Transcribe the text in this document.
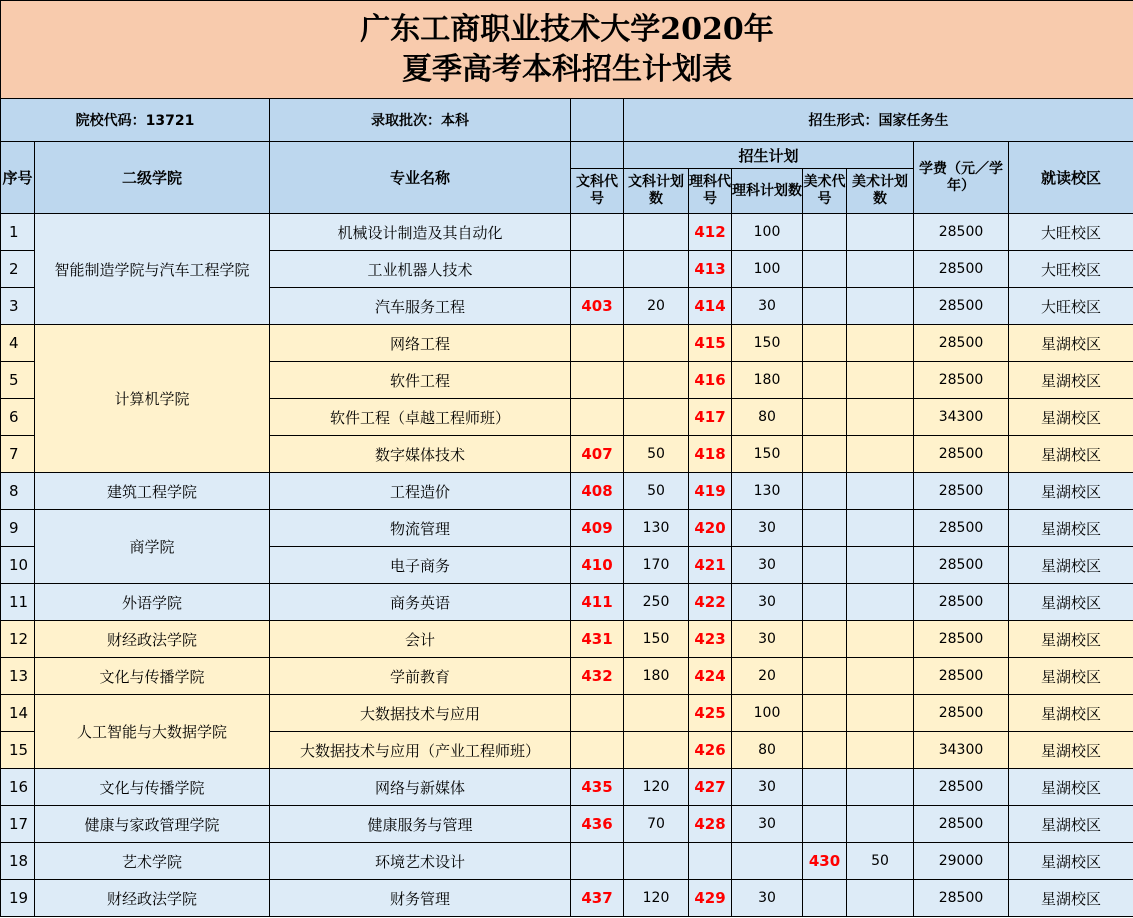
广东工商职业技术大学2020年
夏季高考本科招生计划表										

院校代码：13721		录取批次：本科		招生形式：国家任务生						
序号	二级学院	专业名称		招生计划					学费（元／学年）	就读校区
			文科代号	文科计划数	理科代号	理科计划数	美术代号	美术计划数		
1	智能制造学院与汽车工程学院	机械设计制造及其自动化			412	100			28500	大旺校区
2		工业机器人技术			413	100			28500	大旺校区
3		汽车服务工程	403	20	414	30			28500	大旺校区
4	计算机学院	网络工程			415	150			28500	星湖校区
5		软件工程			416	180			28500	星湖校区
6		软件工程（卓越工程师班）			417	80			34300	星湖校区
7		数字媒体技术	407	50	418	150			28500	星湖校区
8	建筑工程学院	工程造价	408	50	419	130			28500	星湖校区
9	商学院	物流管理	409	130	420	30			28500	星湖校区
10		电子商务	410	170	421	30			28500	星湖校区
11	外语学院	商务英语	411	250	422	30			28500	星湖校区
12	财经政法学院	会计	431	150	423	30			28500	星湖校区
13	文化与传播学院	学前教育	432	180	424	20			28500	星湖校区
14	人工智能与大数据学院	大数据技术与应用			425	100			28500	星湖校区
15		大数据技术与应用（产业工程师班）			426	80			34300	星湖校区
16	文化与传播学院	网络与新媒体	435	120	427	30			28500	星湖校区
17	健康与家政管理学院	健康服务与管理	436	70	428	30			28500	星湖校区
18	艺术学院	环境艺术设计					430	50	29000	星湖校区
19	财经政法学院	财务管理	437	120	429	30			28500	星湖校区
